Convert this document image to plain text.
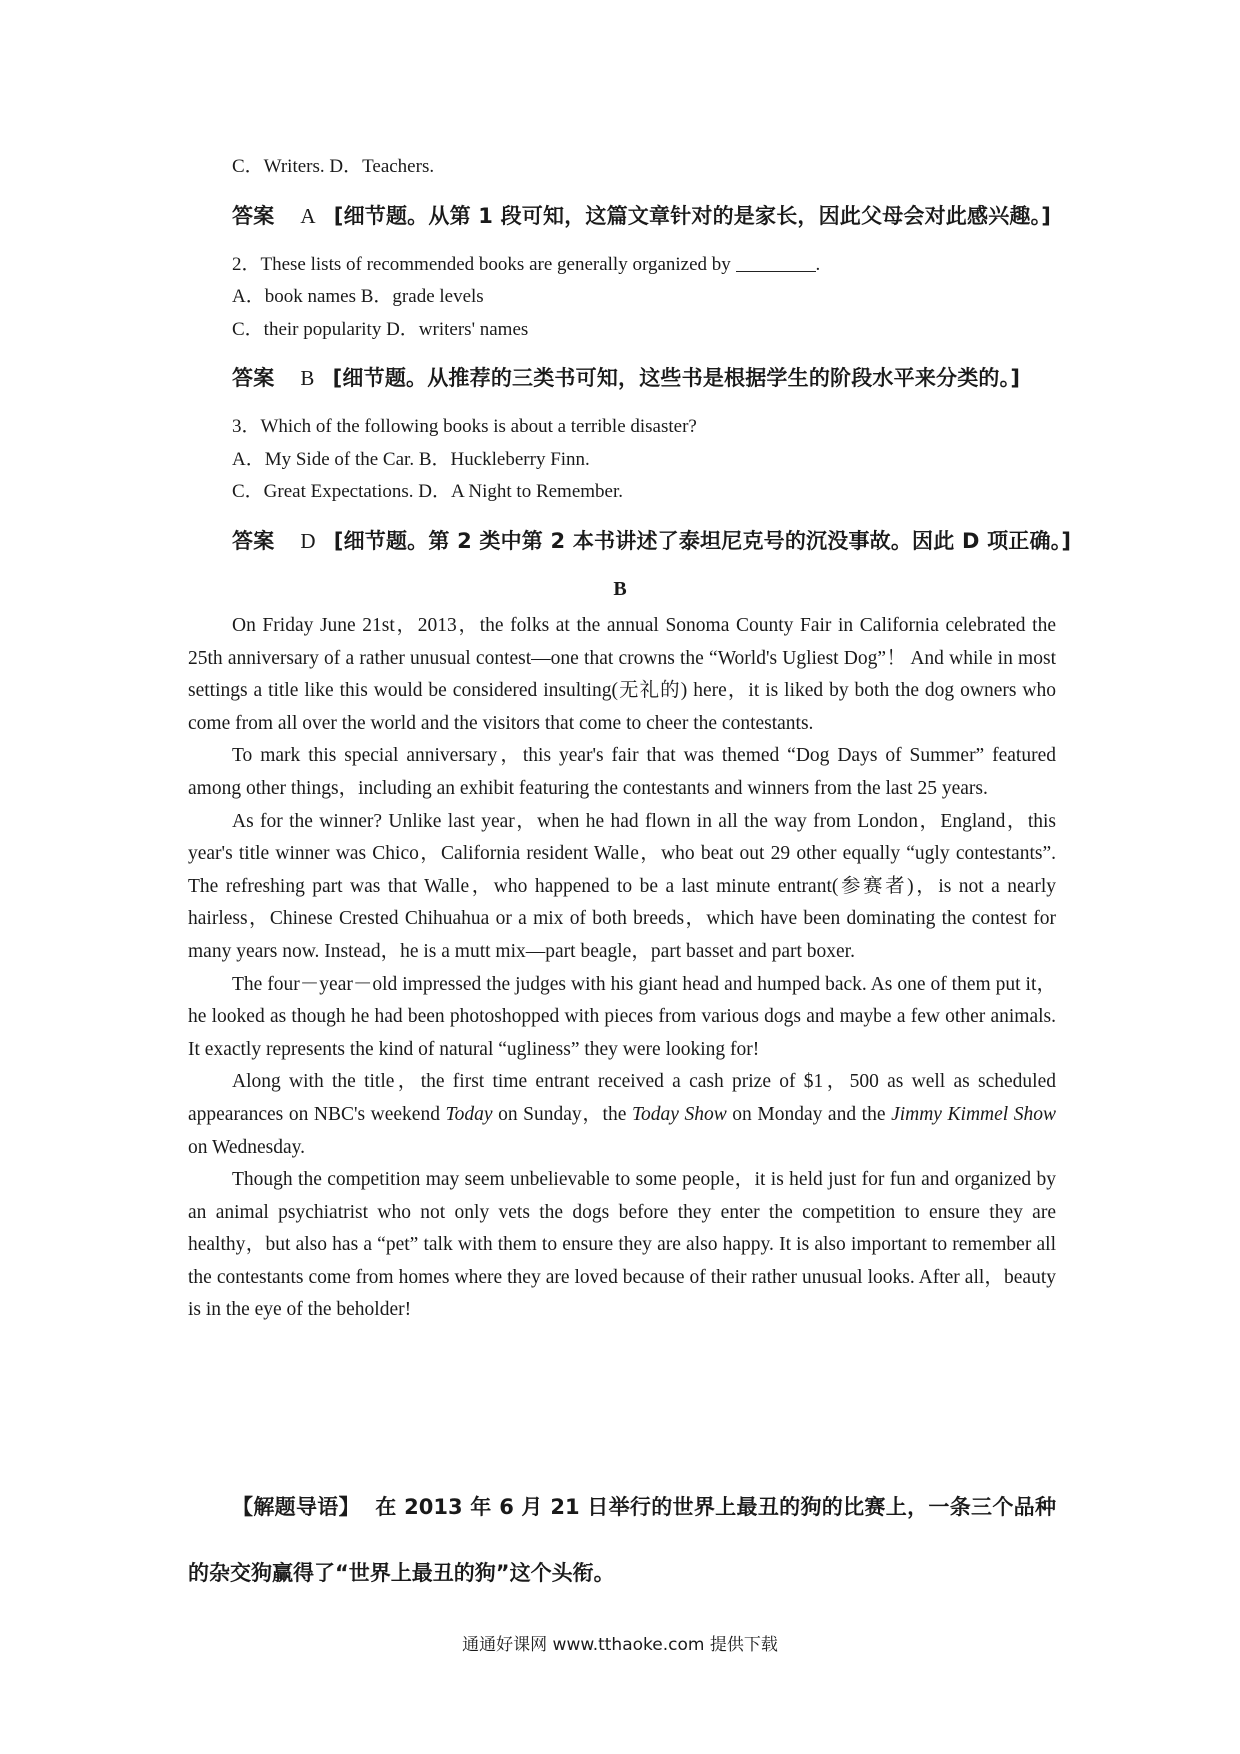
C．Writers. D．Teachers.
答案 A [细节题。从第 1 段可知，这篇文章针对的是家长，因此父母会对此感兴趣。]
2．These lists of recommended books are generally organized by	.
A．book names B．grade levels
C．their popularity D．writers' names
答案 B [细节题。从推荐的三类书可知，这些书是根据学生的阶段水平来分类的。]
3．Which of the following books is about a terrible disaster?
A．My Side of the Car. B．Huckleberry Finn.
C．Great Expectations. D．A Night to Remember.
答案 D [细节题。第 2 类中第 2 本书讲述了泰坦尼克号的沉没事故。因此 D 项正确。]
B

On Friday June 21st，2013，the folks at the annual Sonoma County Fair in California celebrated the 25th anniversary of a rather unusual contest—one that crowns the “World's Ugliest Dog”！ And while in most settings a title like this would be considered insulting(无礼的) here，it is liked by both the dog owners who come from all over the world and the visitors that come to cheer the contestants.

To mark this special anniversary，this year's fair that was themed “Dog Days of Summer” featured among other things，including an exhibit featuring the contestants and winners from the last 25 years.

As for the winner? Unlike last year，when he had flown in all the way from London，England，this year's title winner was Chico，California resident Walle，who beat out 29 other equally “ugly contestants”. The refreshing part was that Walle，who happened to be a last minute entrant(参赛者)，is not a nearly hairless，Chinese Crested Chihuahua or a mix of both breeds，which have been dominating the contest for many years now. Instead，he is a mutt mix—part beagle，part basset and part boxer.

The four－year－old impressed the judges with his giant head and humped back. As one of them put it，he looked as though he had been photoshopped with pieces from various dogs and maybe a few other animals. It exactly represents the kind of natural “ugliness” they were looking for!

Along with the title，the first time entrant received a cash prize of $1，500 as well as scheduled appearances on NBC's weekend Today on Sunday，the Today Show on Monday and the Jimmy Kimmel Show on Wednesday.

Though the competition may seem unbelievable to some people，it is held just for fun and organized by an animal psychiatrist who not only vets the dogs before they enter the competition to ensure they are healthy，but also has a “pet” talk with them to ensure they are also happy. It is also important to remember all the contestants come from homes where they are loved because of their rather unusual looks. After all，beauty is in the eye of the beholder!

【解题导语】 在 2013 年 6 月 21 日举行的世界上最丑的狗的比赛上，一条三个品种的杂交狗赢得了“世界上最丑的狗”这个头衔。
通通好课网 www.tthaoke.com 提供下载
